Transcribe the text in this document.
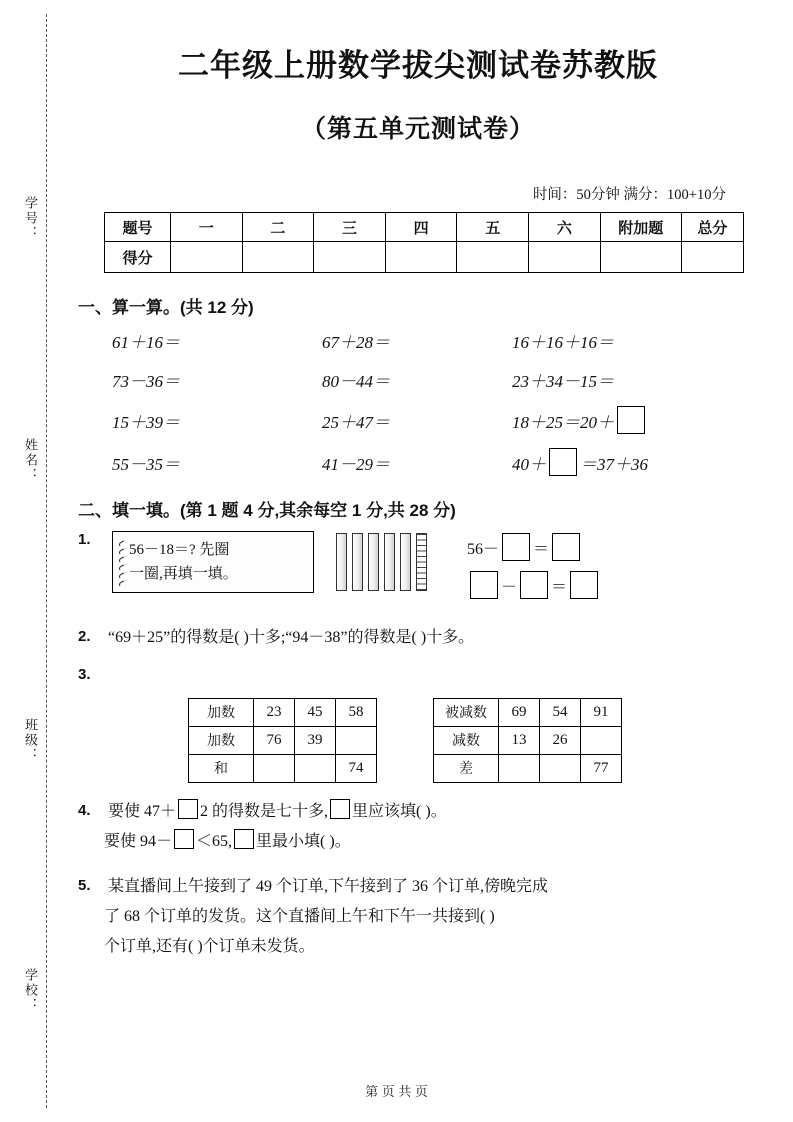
学号：
姓名：
班级：
学校：
二年级上册数学拔尖测试卷苏教版
（第五单元测试卷）
时间：50分钟 满分：100+10分
题号	一	二	三	四	五	六	附加题	总分
得分								
一、算一算。(共 12 分)
61＋16＝	67＋28＝	16＋16＋16＝
73－36＝	80－44＝	23＋34－15＝
15＋39＝	25＋47＝	18＋25＝20＋
55－35＝	41－29＝	40＋ ＝37＋36
二、填一填。(第 1 题 4 分,其余每空 1 分,共 28 分)
1.
56－18＝? 先圈
一圈,再填一填。
56－ ＝
－ ＝
2. “69＋25”的得数是( )十多;“94－38”的得数是( )十多。
3.
加数	23	45	58
加数	76	39	
和			74
被减数	69	54	91
减数	13	26	
差			77
4. 要使 47＋ 2 的得数是七十多, 里应该填( )。
要使 94－ ＜65, 里最小填( )。
5. 某直播间上午接到了 49 个订单,下午接到了 36 个订单,傍晚完成
了 68 个订单的发货。这个直播间上午和下午一共接到( )
个订单,还有( )个订单未发货。
第 页 共 页
